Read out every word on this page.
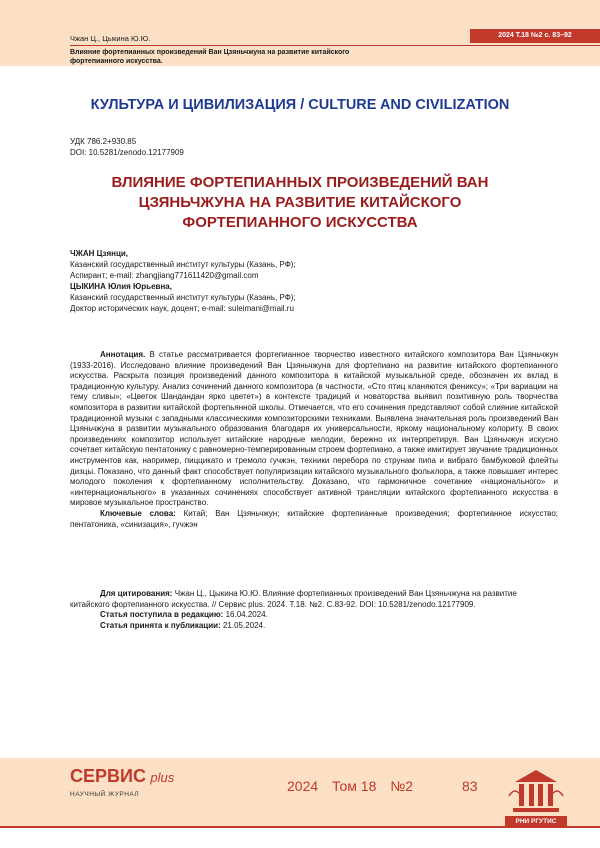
Чжан Ц., Цыкина Ю.Ю.	2024 Т.18 №2 с. 83–92
Влияние фортепианных произведений Ван Цзяньчжуна на развитие китайского фортепианного искусства.
КУЛЬТУРА И ЦИВИЛИЗАЦИЯ / CULTURE AND CIVILIZATION
УДК 786.2+930.85
DOI: 10.5281/zenodo.12177909
ВЛИЯНИЕ ФОРТЕПИАННЫХ ПРОИЗВЕДЕНИЙ ВАН ЦЗЯНЬЧЖУНА НА РАЗВИТИЕ КИТАЙСКОГО ФОРТЕПИАННОГО ИСКУССТВА
ЧЖАН Цзянци,
Казанский государственный институт культуры (Казань, РФ);
Аспирант; e-mail: zhangjiang771611420@gmail.com
ЦЫКИНА Юлия Юрьевна,
Казанский государственный институт культуры (Казань, РФ);
Доктор исторических наук, доцент; e-mail: suleimani@mail.ru

Аннотация. В статье рассматривается фортепианное творчество известного китайского композитора Ван Цзяньчжун (1933-2016). Исследовано влияние произведений Ван Цзяньчжуна для фортепиано на развитие китайского фортепианного искусства. Раскрыта позиция произведений данного композитора в китайской музыкальной среде, обозначен их вклад в традиционную культуру. Анализ сочинений данного композитора (в частности, «Сто птиц кланяются фениксу»; «Три вариации на тему сливы»; «Цветок Шандандан ярко цветет») в контексте традиций и новаторства выявил позитивную роль творчества композитора в развитии китайской фортепьянной школы. Отмечается, что его сочинения представляют собой слияние китайской традиционной музыки с западными классическими композиторскими техниками. Выявлена значительная роль произведений Ван Цзяньчжуна в развитии музыкального образования благодаря их универсальности, яркому национальному колориту. В своих произведениях композитор использует китайские народные мелодии, бережно их интерпретируя. Ван Цзяньчжун искусно сочетает китайскую пентатонику с равномерно-темперированным строем фортепиано, а также имитирует звучание традиционных инструментов как, например, пиццикато и тремоло гучжэн, техники перебора по струнам пипа и вибрато бамбуковой флейты дизцы. Показано, что данный факт способствует популяризации китайского музыкального фольклора, а также повышает интерес молодого поколения к фортепианному исполнительству. Доказано, что гармоничное сочетание «национального» и «интернационального» в указанных сочинениях способствует активной трансляции китайского фортепианного искусства в мировое музыкальное пространство.

Ключевые слова: Китай; Ван Цзяньчжун; китайские фортепианные произведения; фортепианное искусство; пентатоника, «синизация», гучжэн

Для цитирования: Чжан Ц., Цыкина Ю.Ю. Влияние фортепианных произведений Ван Цзяньчжуна на развитие китайского фортепианного искусства. // Сервис plus. 2024. Т.18. №2. С.83-92. DOI: 10.5281/zenodo.12177909.

Статья поступила в редакцию: 16.04.2024.

Статья принята к публикации: 21.05.2024.

СЕРВИС plus
НАУЧНЫЙ ЖУРНАЛ
2024 Том 18 №2	83
РНИ РГУТИС
